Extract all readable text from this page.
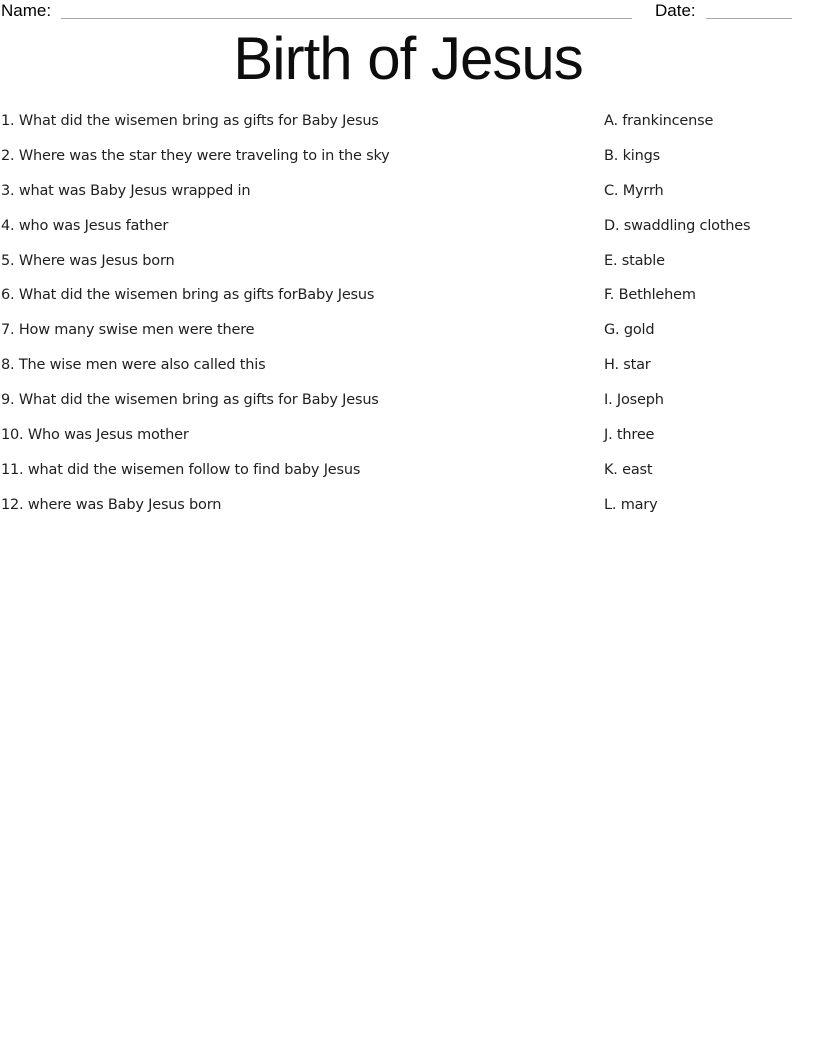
Name:	Date:
Birth of Jesus
1. What did the wisemen bring as gifts for Baby Jesus
2. Where was the star they were traveling to in the sky
3. what was Baby Jesus wrapped in
4. who was Jesus father
5. Where was Jesus born
6. What did the wisemen bring as gifts forBaby Jesus
7. How many swise men were there
8. The wise men were also called this
9. What did the wisemen bring as gifts for Baby Jesus
10. Who was Jesus mother
11. what did the wisemen follow to find baby Jesus
12. where was Baby Jesus born
A. frankincense
B. kings
C. Myrrh
D. swaddling clothes
E. stable
F. Bethlehem
G. gold
H. star
I. Joseph
J. three
K. east
L. mary
